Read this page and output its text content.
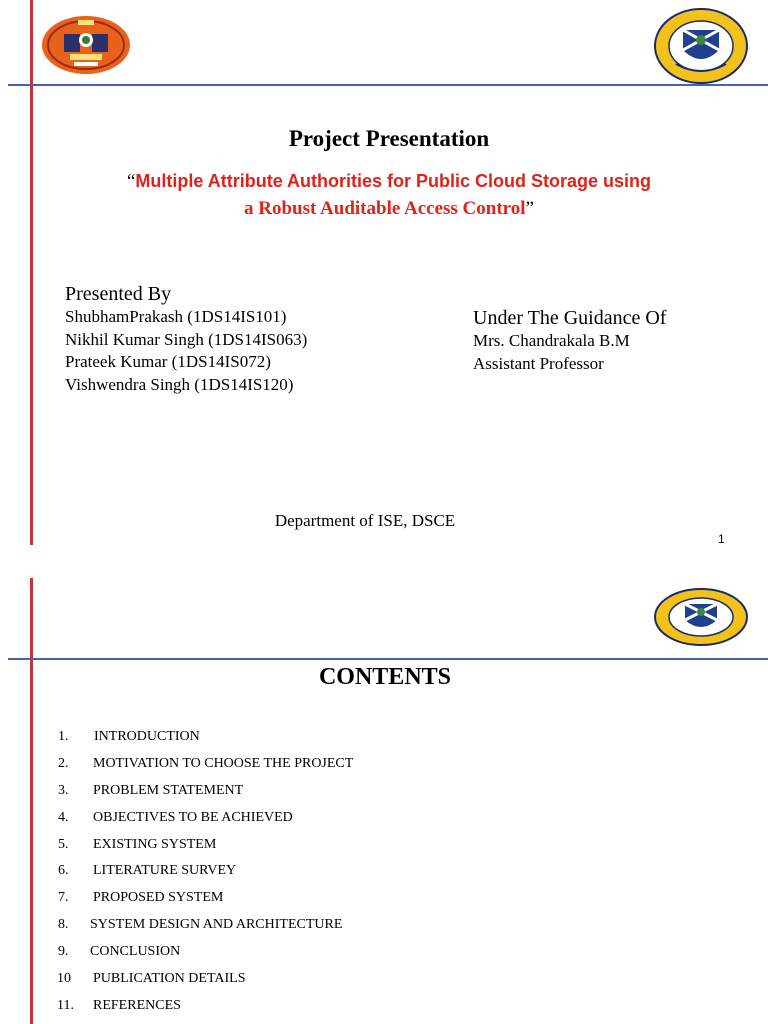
Project Presentation
“Multiple Attribute Authorities for Public Cloud Storage using
a Robust Auditable Access Control”
Presented By
ShubhamPrakash (1DS14IS101)
Nikhil Kumar Singh (1DS14IS063)
Prateek Kumar (1DS14IS072)
Vishwendra Singh (1DS14IS120)
Under The Guidance Of
Mrs. Chandrakala B.M
Assistant Professor
Department of ISE, DSCE
1
CONTENTS
1. INTRODUCTION
2. MOTIVATION TO CHOOSE THE PROJECT
3. PROBLEM STATEMENT
4. OBJECTIVES TO BE ACHIEVED
5. EXISTING SYSTEM
6. LITERATURE SURVEY
7. PROPOSED SYSTEM
8. SYSTEM DESIGN AND ARCHITECTURE
9. CONCLUSION
10 PUBLICATION DETAILS
11. REFERENCES
